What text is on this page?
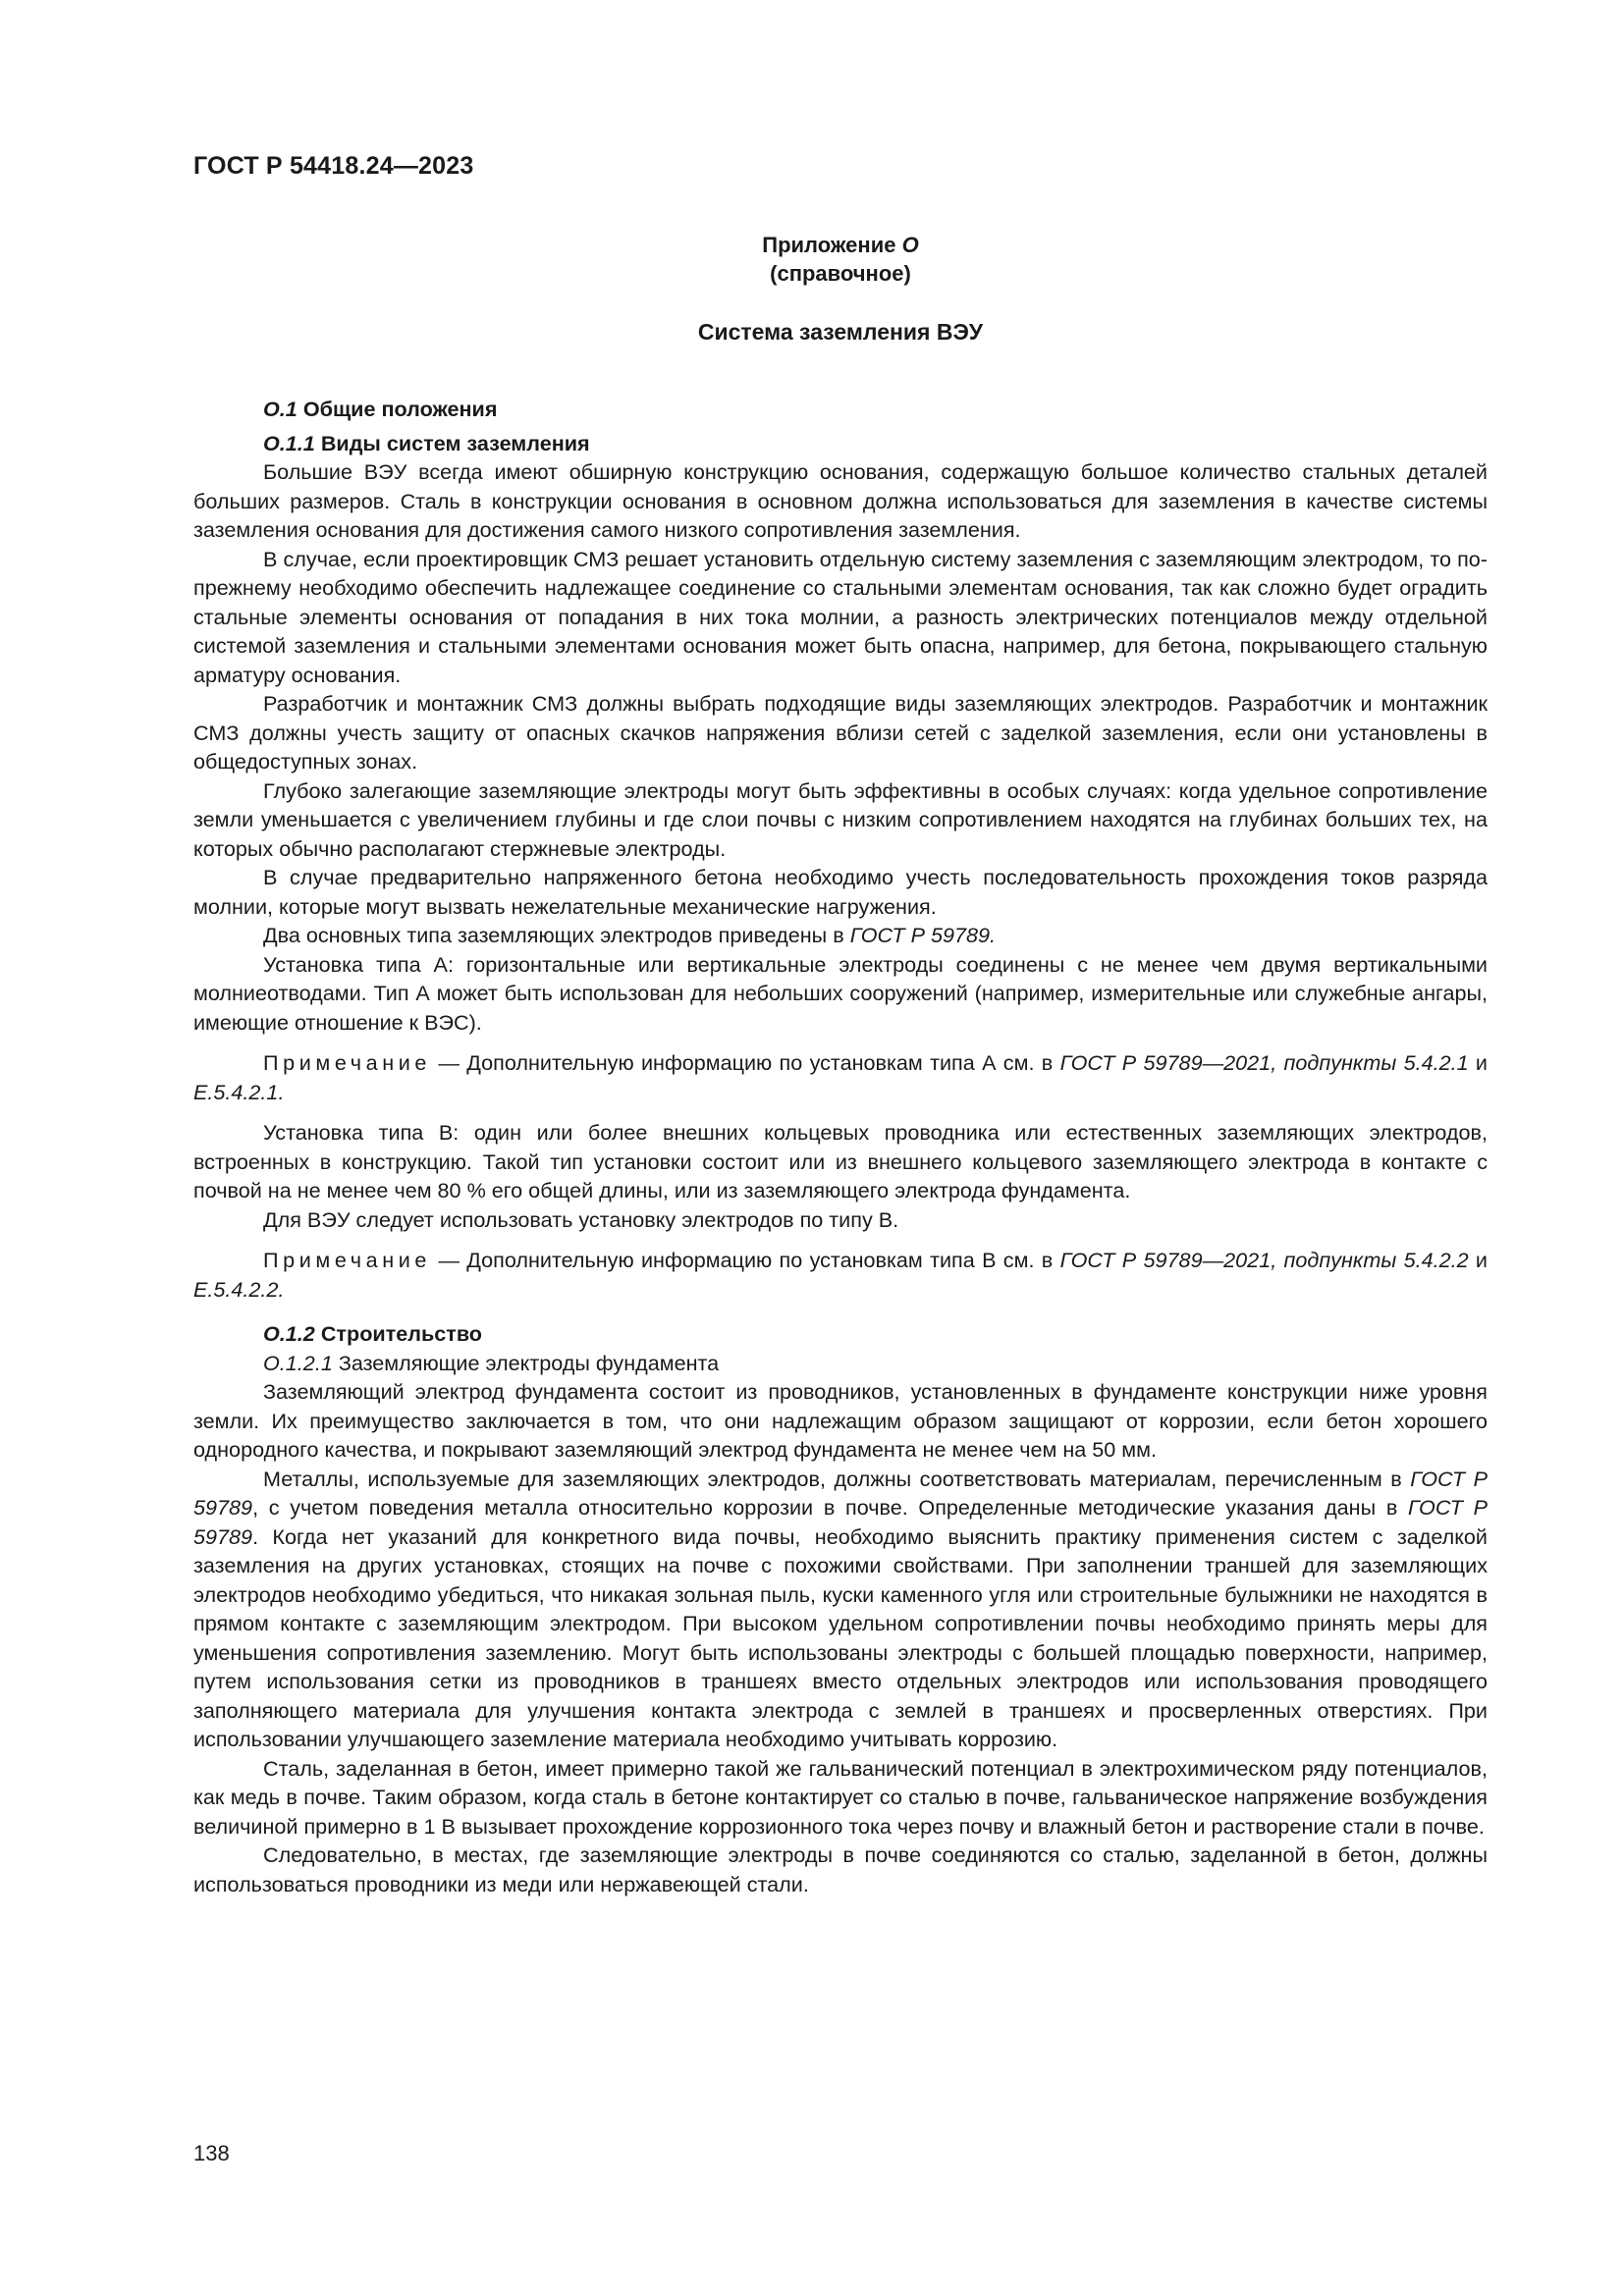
ГОСТ Р 54418.24—2023
Приложение О
(справочное)
Система заземления ВЭУ

О.1 Общие положения

О.1.1 Виды систем заземления

Большие ВЭУ всегда имеют обширную конструкцию основания, содержащую большое количество стальных деталей больших размеров. Сталь в конструкции основания в основном должна использоваться для заземления в качестве системы заземления основания для достижения самого низкого сопротивления заземления.

В случае, если проектировщик СМЗ решает установить отдельную систему заземления с заземляющим электродом, то по-прежнему необходимо обеспечить надлежащее соединение со стальными элементам основания, так как сложно будет оградить стальные элементы основания от попадания в них тока молнии, а разность электрических потенциалов между отдельной системой заземления и стальными элементами основания может быть опасна, например, для бетона, покрывающего стальную арматуру основания.

Разработчик и монтажник СМЗ должны выбрать подходящие виды заземляющих электродов. Разработчик и монтажник СМЗ должны учесть защиту от опасных скачков напряжения вблизи сетей с заделкой заземления, если они установлены в общедоступных зонах.

Глубоко залегающие заземляющие электроды могут быть эффективны в особых случаях: когда удельное сопротивление земли уменьшается с увеличением глубины и где слои почвы с низким сопротивлением находятся на глубинах больших тех, на которых обычно располагают стержневые электроды.

В случае предварительно напряженного бетона необходимо учесть последовательность прохождения токов разряда молнии, которые могут вызвать нежелательные механические нагружения.

Два основных типа заземляющих электродов приведены в ГОСТ Р 59789.

Установка типа А: горизонтальные или вертикальные электроды соединены с не менее чем двумя вертикальными молниеотводами. Тип А может быть использован для небольших сооружений (например, измерительные или служебные ангары, имеющие отношение к ВЭС).

Примечание — Дополнительную информацию по установкам типа А см. в ГОСТ Р 59789—2021, подпункты 5.4.2.1 и Е.5.4.2.1.

Установка типа В: один или более внешних кольцевых проводника или естественных заземляющих электродов, встроенных в конструкцию. Такой тип установки состоит или из внешнего кольцевого заземляющего электрода в контакте с почвой на не менее чем 80 % его общей длины, или из заземляющего электрода фундамента.

Для ВЭУ следует использовать установку электродов по типу В.

Примечание — Дополнительную информацию по установкам типа В см. в ГОСТ Р 59789—2021, подпункты 5.4.2.2 и Е.5.4.2.2.

О.1.2 Строительство

О.1.2.1 Заземляющие электроды фундамента

Заземляющий электрод фундамента состоит из проводников, установленных в фундаменте конструкции ниже уровня земли. Их преимущество заключается в том, что они надлежащим образом защищают от коррозии, если бетон хорошего однородного качества, и покрывают заземляющий электрод фундамента не менее чем на 50 мм.

Металлы, используемые для заземляющих электродов, должны соответствовать материалам, перечисленным в ГОСТ Р 59789, с учетом поведения металла относительно коррозии в почве. Определенные методические указания даны в ГОСТ Р 59789. Когда нет указаний для конкретного вида почвы, необходимо выяснить практику применения систем с заделкой заземления на других установках, стоящих на почве с похожими свойствами. При заполнении траншей для заземляющих электродов необходимо убедиться, что никакая зольная пыль, куски каменного угля или строительные булыжники не находятся в прямом контакте с заземляющим электродом. При высоком удельном сопротивлении почвы необходимо принять меры для уменьшения сопротивления заземлению. Могут быть использованы электроды с большей площадью поверхности, например, путем использования сетки из проводников в траншеях вместо отдельных электродов или использования проводящего заполняющего материала для улучшения контакта электрода с землей в траншеях и просверленных отверстиях. При использовании улучшающего заземление материала необходимо учитывать коррозию.

Сталь, заделанная в бетон, имеет примерно такой же гальванический потенциал в электрохимическом ряду потенциалов, как медь в почве. Таким образом, когда сталь в бетоне контактирует со сталью в почве, гальваническое напряжение возбуждения величиной примерно в 1 В вызывает прохождение коррозионного тока через почву и влажный бетон и растворение стали в почве.

Следовательно, в местах, где заземляющие электроды в почве соединяются со сталью, заделанной в бетон, должны использоваться проводники из меди или нержавеющей стали.

138
